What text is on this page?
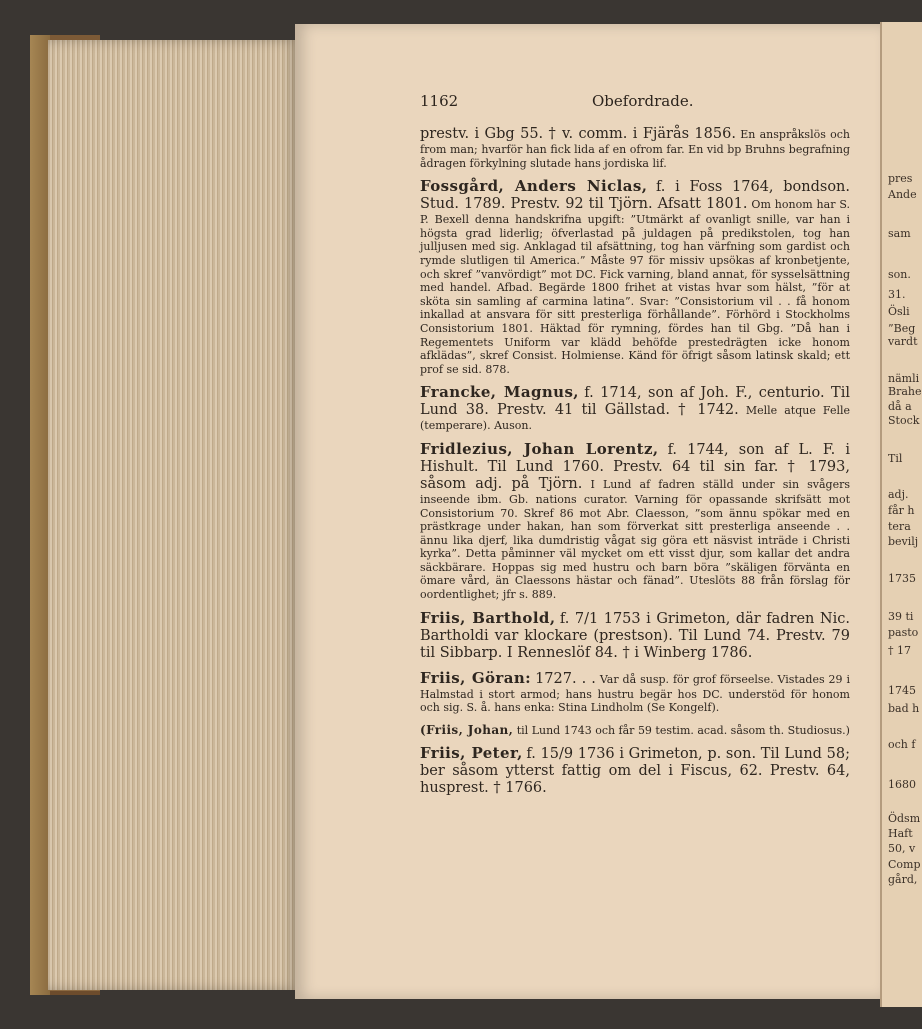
pres
Ande
sam
son.
31.
Ösli
”Beg
vardt
nämli
Brahe
då a
Stock
Til
adj.
får h
tera
bevilj
1735
39 ti
pasto
† 17
1745
bad h
och f
1680
Ödsm
Haft
50, v
Comp
gård,
1162	Obefordrade.

prestv. i Gbg 55. † v. comm. i Fjärås 1856. En anspråkslös och from man; hvarför han fick lida af en ofrom far. En vid bp Bruhns begrafning ådragen förkylning slutade hans jordiska lif.

Fossgård, Anders Niclas, f. i Foss 1764, bondson. Stud. 1789. Prestv. 92 til Tjörn. Afsatt 1801. Om honom har S. P. Bexell denna handskrifna upgift: ”Utmärkt af ovanligt snille, var han i högsta grad liderlig; öfverlastad på juldagen på predikstolen, tog han julljusen med sig. Anklagad til afsättning, tog han värfning som gardist och rymde slutligen til America.” Måste 97 för missiv upsökas af kronbetjente, och skref ”vanvördigt” mot DC. Fick varning, bland annat, för sysselsättning med handel. Afbad. Begärde 1800 frihet at vistas hvar som hälst, ”för at sköta sin samling af carmina latina”. Svar: ”Consistorium vil . . få honom inkallad at ansvara för sitt presterliga förhållande”. Förhörd i Stockholms Consistorium 1801. Häktad för rymning, fördes han til Gbg. ”Då han i Regementets Uniform var klädd behöfde prestedrägten icke honom afklädas”, skref Consist. Holmiense. Känd för öfrigt såsom latinsk skald; ett prof se sid. 878.

Francke, Magnus, f. 1714, son af Joh. F., centurio. Til Lund 38. Prestv. 41 til Gällstad. † 1742. Melle atque Felle (temperare). Auson.

Fridlezius, Johan Lorentz, f. 1744, son af L. F. i Hishult. Til Lund 1760. Prestv. 64 til sin far. † 1793, såsom adj. på Tjörn. I Lund af fadren ställd under sin svågers inseende ibm. Gb. nations curator. Varning för opassande skrifsätt mot Consistorium 70. Skref 86 mot Abr. Claesson, ”som ännu spökar med en prästkrage under hakan, han som förverkat sitt presterliga anseende . . ännu lika djerf, lika dumdristig vågat sig göra ett näsvist inträde i Christi kyrka”. Detta påminner väl mycket om ett visst djur, som kallar det andra säckbärare. Hoppas sig med hustru och barn böra ”skäligen förvänta en ömare vård, än Claessons hästar och fänad”. Uteslöts 88 från förslag för oordentlighet; jfr s. 889.

Friis, Barthold, f. 7/1 1753 i Grimeton, där fadren Nic. Bartholdi var klockare (prestson). Til Lund 74. Prestv. 79 til Sibbarp. I Renneslöf 84. † i Winberg 1786.

Friis, Göran: 1727. . . Var då susp. för grof förseelse. Vistades 29 i Halmstad i stort armod; hans hustru begär hos DC. understöd för honom och sig. S. å. hans enka: Stina Lindholm (Se Kongelf).

(Friis, Johan, til Lund 1743 och får 59 testim. acad. såsom th. Studiosus.)

Friis, Peter, f. 15/9 1736 i Grimeton, p. son. Til Lund 58; ber såsom ytterst fattig om del i Fiscus, 62. Prestv. 64, husprest. † 1766.
